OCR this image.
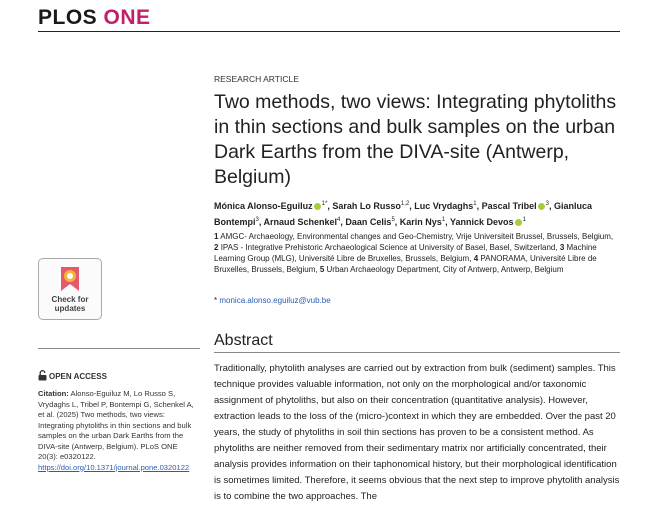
PLOS ONE
RESEARCH ARTICLE
Two methods, two views: Integrating phytoliths in thin sections and bulk samples on the urban Dark Earths from the DIVA-site (Antwerp, Belgium)
Mónica Alonso-Eguiluz $^{1*}$, Sarah Lo Russo$^{1,2}$, Luc Vrydaghs$^1$, Pascal Tribel $^3$, Gianluca Bontempi$^3$, Arnaud Schenkel$^4$, Daan Celis$^5$, Karin Nys$^1$, Yannick Devos $^1$
1 AMGC- Archaeology, Environmental changes and Geo-Chemistry, Vrije Universiteit Brussel, Brussels, Belgium, 2 IPAS - Integrative Prehistoric Archaeological Science at University of Basel, Basel, Switzerland, 3 Machine Learning Group (MLG), Université Libre de Bruxelles, Brussels, Belgium, 4 PANORAMA, Université Libre de Bruxelles, Brussels, Belgium, 5 Urban Archaeology Department, City of Antwerp, Antwerp, Belgium
* monica.alonso.eguiluz@vub.be
Abstract

Traditionally, phytolith analyses are carried out by extraction from bulk (sediment) samples. This technique provides valuable information, not only on the morphological and/or taxonomic assignment of phytoliths, but also on their concentration (quantitative analysis). However, extraction leads to the loss of the (micro-)context in which they are embedded. Over the past 20 years, the study of phytoliths in soil thin sections has proven to be a consistent method. As phytoliths are neither removed from their sedimentary matrix nor artificially concentrated, their analysis provides information on their taphonomical history, but their morphological identification is sometimes limited. Therefore, it seems obvious that the next step to improve phytolith analysis is to combine the two approaches. The

Check for
updates
OPEN ACCESS
Citation: Alonso-Eguiluz M, Lo Russo S, Vrydaghs L, Tribel P, Bontempi G, Schenkel A, et al. (2025) Two methods, two views: Integrating phytoliths in thin sections and bulk samples on the urban Dark Earths from the DIVA-site (Antwerp, Belgium). PLoS ONE 20(3): e0320122. https://doi.org/10.1371/journal.pone.0320122
